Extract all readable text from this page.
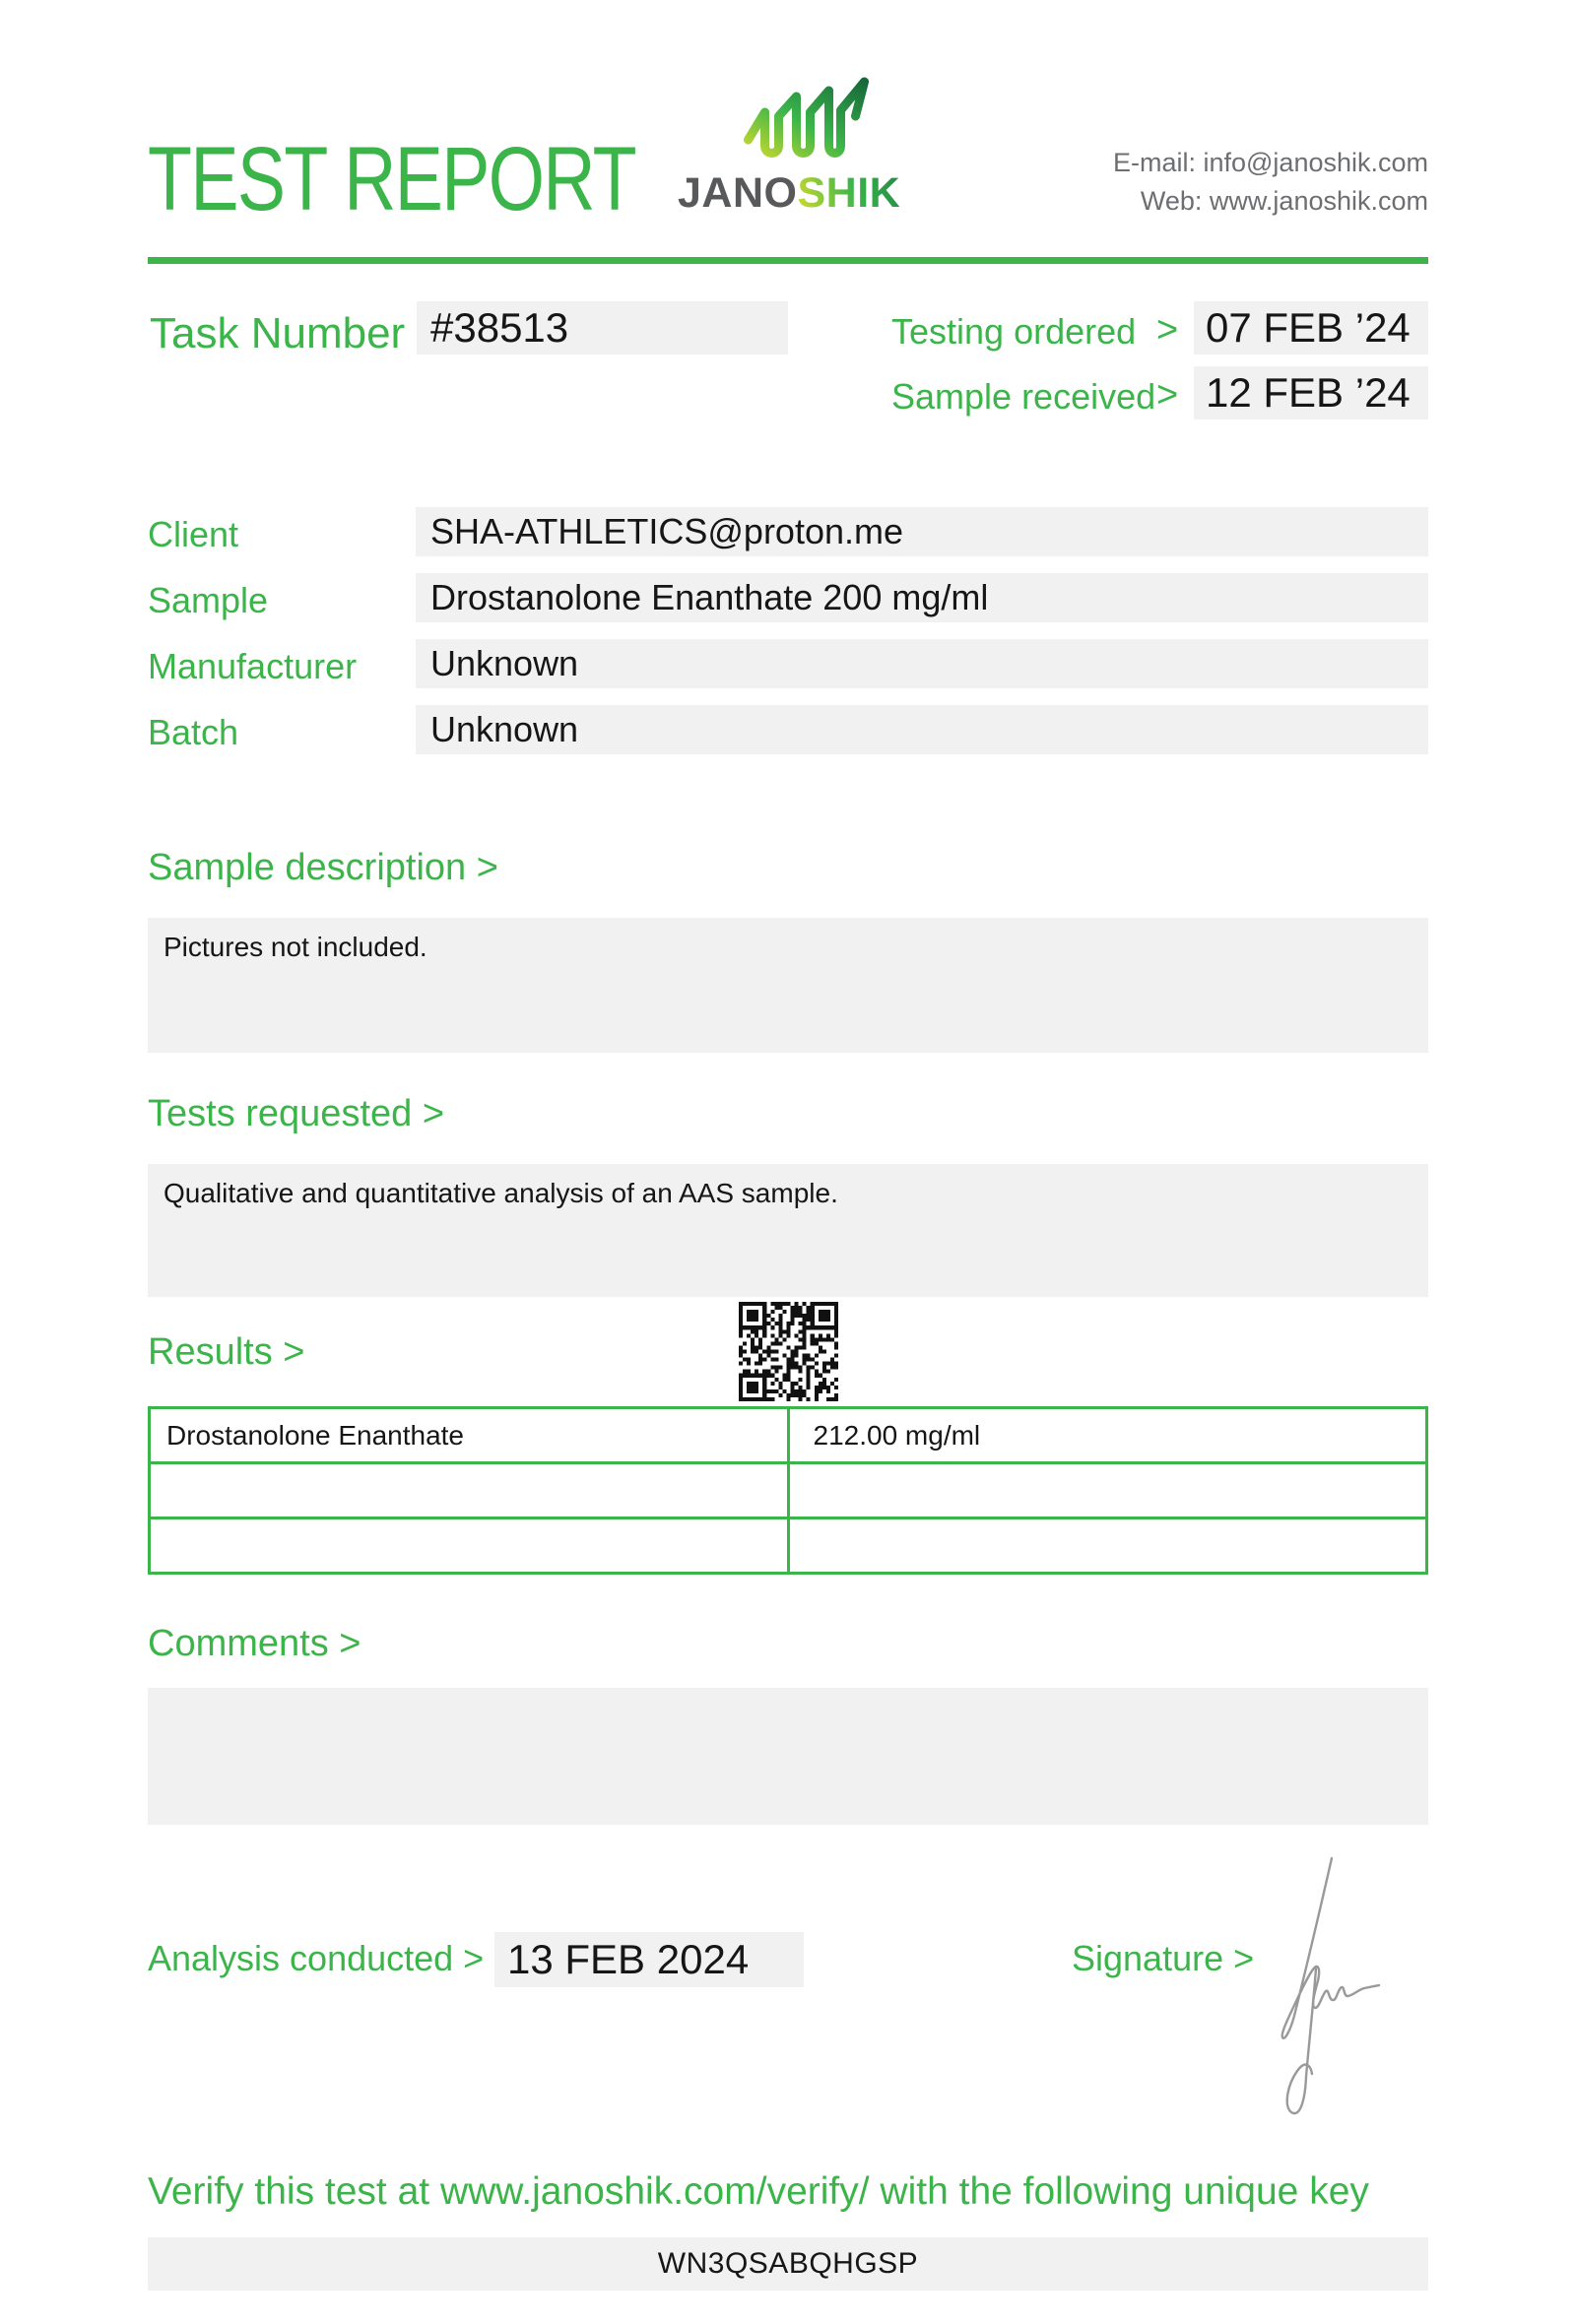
TEST REPORT JANOSHIK
E-mail: info@janoshik.com
Web: www.janoshik.com
Task Number #38513	Testing ordered > 07 FEB ’24
Sample received > 12 FEB ’24
Client	SHA-ATHLETICS@proton.me
Sample	Drostanolone Enanthate 200 mg/ml
Manufacturer	Unknown
Batch	Unknown
Sample description >
Pictures not included.
Tests requested >
Qualitative and quantitative analysis of an AAS sample.
Results >
Drostanolone Enanthate	212.00 mg/ml

Comments >
Analysis conducted > 13 FEB 2024	Signature >
Verify this test at www.janoshik.com/verify/ with the following unique key
WN3QSABQHGSP
